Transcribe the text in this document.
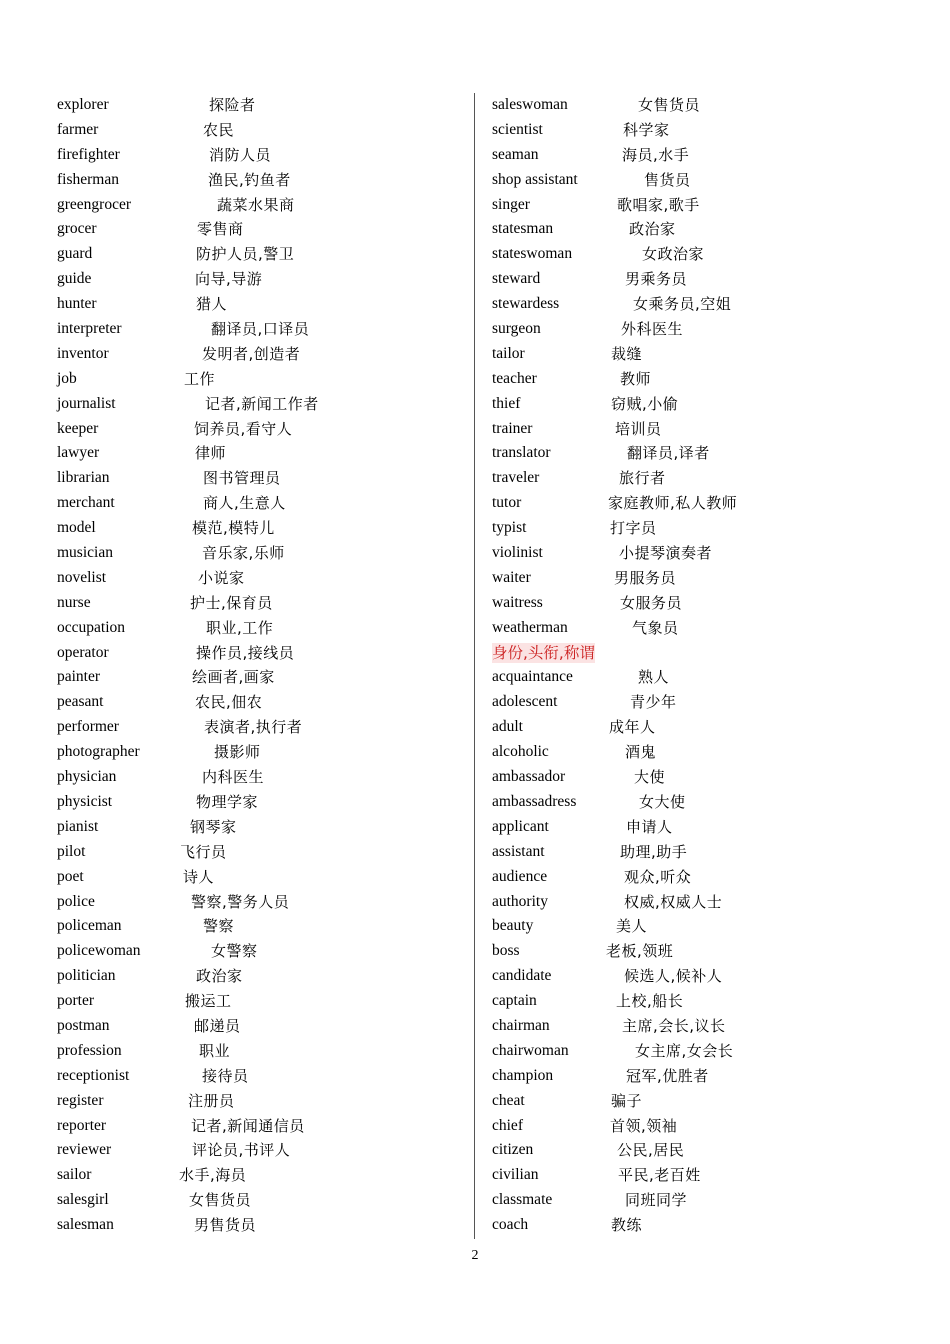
explorer	探险者
farmer	农民
firefighter	消防人员
fisherman	渔民,钓鱼者
greengrocer	蔬菜水果商
grocer	零售商
guard	防护人员,警卫
guide	向导,导游
hunter	猎人
interpreter	翻译员,口译员
inventor	发明者,创造者
job	工作
journalist	记者,新闻工作者
keeper	饲养员,看守人
lawyer	律师
librarian	图书管理员
merchant	商人,生意人
model	模范,模特儿
musician	音乐家,乐师
novelist	小说家
nurse	护士,保育员
occupation	职业,工作
operator	操作员,接线员
painter	绘画者,画家
peasant	农民,佃农
performer	表演者,执行者
photographer	摄影师
physician	内科医生
physicist	物理学家
pianist	钢琴家
pilot	飞行员
poet	诗人
police	警察,警务人员
policeman	警察
policewoman	女警察
politician	政治家
porter	搬运工
postman	邮递员
profession	职业
receptionist	接待员
register	注册员
reporter	记者,新闻通信员
reviewer	评论员,书评人
sailor	水手,海员
salesgirl	女售货员
salesman	男售货员
saleswoman	女售货员
scientist	科学家
seaman	海员,水手
shop assistant	售货员
singer	歌唱家,歌手
statesman	政治家
stateswoman	女政治家
steward	男乘务员
stewardess	女乘务员,空姐
surgeon	外科医生
tailor	裁缝
teacher	教师
thief	窃贼,小偷
trainer	培训员
translator	翻译员,译者
traveler	旅行者
tutor	家庭教师,私人教师
typist	打字员
violinist	小提琴演奏者
waiter	男服务员
waitress	女服务员
weatherman	气象员
身份,头衔,称谓
acquaintance	熟人
adolescent	青少年
adult	成年人
alcoholic	酒鬼
ambassador	大使
ambassadress	女大使
applicant	申请人
assistant	助理,助手
audience	观众,听众
authority	权威,权威人士
beauty	美人
boss	老板,领班
candidate	候选人,候补人
captain	上校,船长
chairman	主席,会长,议长
chairwoman	女主席,女会长
champion	冠军,优胜者
cheat	骗子
chief	首领,领袖
citizen	公民,居民
civilian	平民,老百姓
classmate	同班同学
coach	教练
2
